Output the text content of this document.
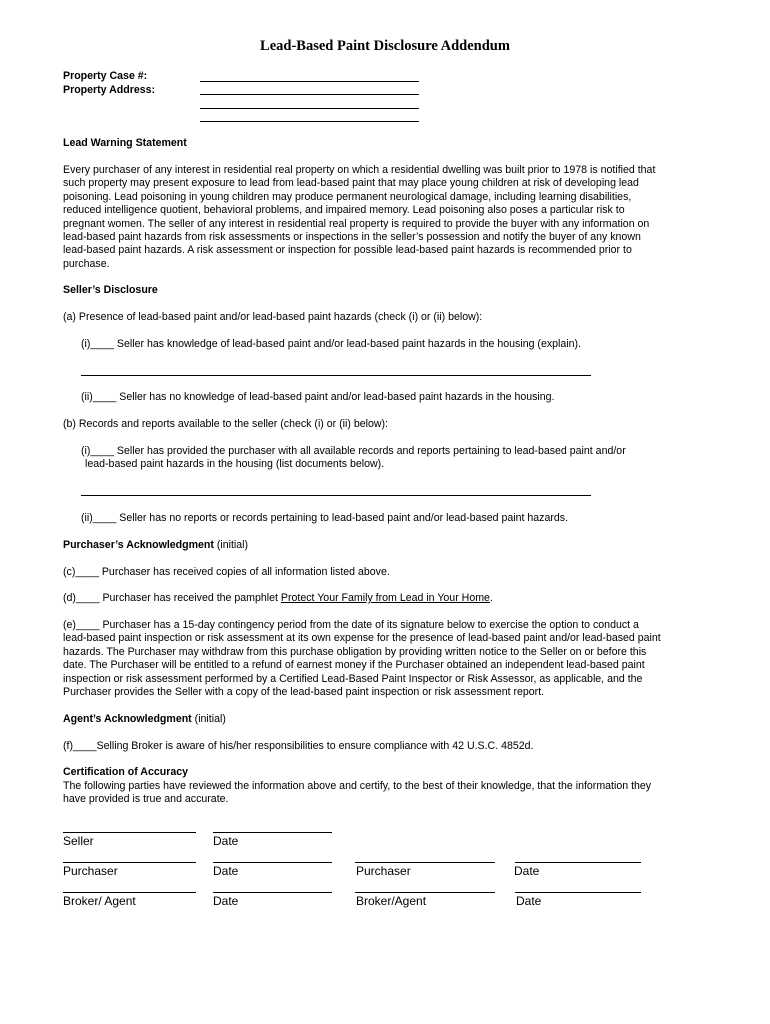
Lead-Based Paint Disclosure Addendum
Property Case #:
Property Address:
Lead Warning Statement
Every purchaser of any interest in residential real property on which a residential dwelling was built prior to 1978 is notified that
such property may present exposure to lead from lead-based paint that may place young children at risk of developing lead
poisoning. Lead poisoning in young children may produce permanent neurological damage, including learning disabilities,
reduced intelligence quotient, behavioral problems, and impaired memory. Lead poisoning also poses a particular risk to
pregnant women. The seller of any interest in residential real property is required to provide the buyer with any information on
lead-based paint hazards from risk assessments or inspections in the seller’s possession and notify the buyer of any known
lead-based paint hazards. A risk assessment or inspection for possible lead-based paint hazards is recommended prior to
purchase.
Seller’s Disclosure
(a) Presence of lead-based paint and/or lead-based paint hazards (check (i) or (ii) below):
(i)____ Seller has knowledge of lead-based paint and/or lead-based paint hazards in the housing (explain).
(ii)____ Seller has no knowledge of lead-based paint and/or lead-based paint hazards in the housing.
(b) Records and reports available to the seller (check (i) or (ii) below):
(i)____ Seller has provided the purchaser with all available records and reports pertaining to lead-based paint and/or
lead-based paint hazards in the housing (list documents below).
(ii)____ Seller has no reports or records pertaining to lead-based paint and/or lead-based paint hazards.
Purchaser’s Acknowledgment (initial)
(c)____ Purchaser has received copies of all information listed above.
(d)____ Purchaser has received the pamphlet Protect Your Family from Lead in Your Home.
(e)____ Purchaser has a 15-day contingency period from the date of its signature below to exercise the option to conduct a
lead-based paint inspection or risk assessment at its own expense for the presence of lead-based paint and/or lead-based paint
hazards. The Purchaser may withdraw from this purchase obligation by providing written notice to the Seller on or before this
date. The Purchaser will be entitled to a refund of earnest money if the Purchaser obtained an independent lead-based paint
inspection or risk assessment performed by a Certified Lead-Based Paint Inspector or Risk Assessor, as applicable, and the
Purchaser provides the Seller with a copy of the lead-based paint inspection or risk assessment report.
Agent’s Acknowledgment (initial)
(f)____Selling Broker is aware of his/her responsibilities to ensure compliance with 42 U.S.C. 4852d.
Certification of Accuracy
The following parties have reviewed the information above and certify, to the best of their knowledge, that the information they
have provided is true and accurate.
Seller	Date
Purchaser	Date	Purchaser	Date
Broker/ Agent	Date	Broker/Agent	Date
